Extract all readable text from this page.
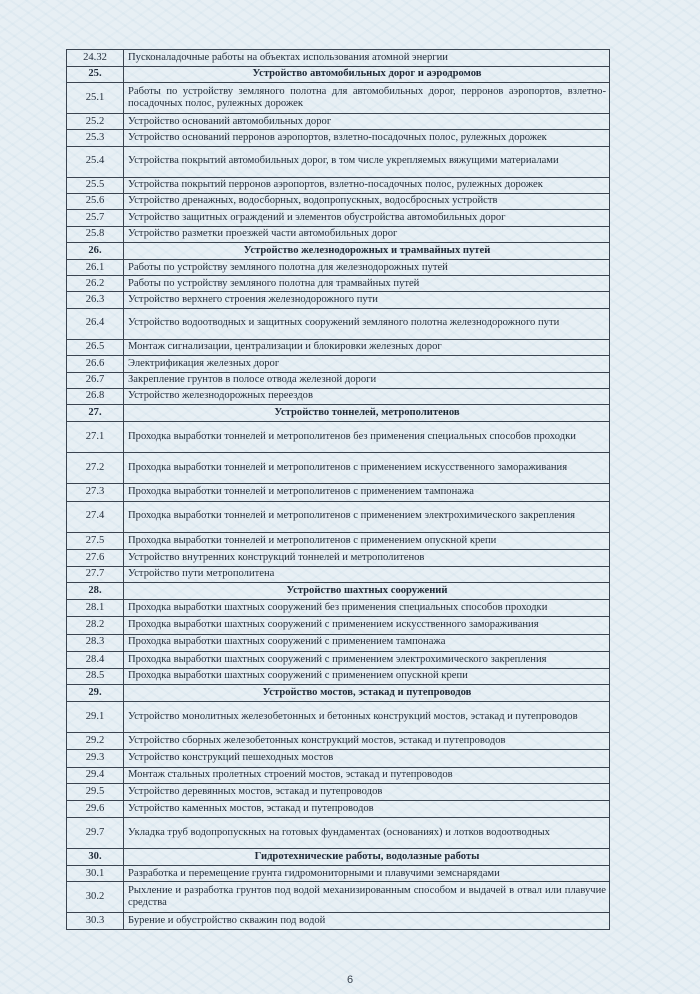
24.32	Пусконаладочные работы на объектах использования атомной энергии
25.	Устройство автомобильных дорог и аэродромов
25.1	Работы по устройству земляного полотна для автомобильных дорог, перронов аэропортов, взлетно-посадочных полос, рулежных дорожек
25.2	Устройство оснований автомобильных дорог
25.3	Устройство оснований перронов аэропортов, взлетно-посадочных полос, рулежных дорожек
25.4	Устройства покрытий автомобильных дорог, в том числе укрепляемых вяжущими материалами
25.5	Устройства покрытий перронов аэропортов, взлетно-посадочных полос, рулежных дорожек
25.6	Устройство дренажных, водосборных, водопропускных, водосбросных устройств
25.7	Устройство защитных ограждений и элементов обустройства автомобильных дорог
25.8	Устройство разметки проезжей части автомобильных дорог
26.	Устройство железнодорожных и трамвайных путей
26.1	Работы по устройству земляного полотна для железнодорожных путей
26.2	Работы по устройству земляного полотна для трамвайных путей
26.3	Устройство верхнего строения железнодорожного пути
26.4	Устройство водоотводных и защитных сооружений земляного полотна железнодорожного пути
26.5	Монтаж сигнализации, централизации и блокировки железных дорог
26.6	Электрификация железных дорог
26.7	Закрепление грунтов в полосе отвода железной дороги
26.8	Устройство железнодорожных переездов
27.	Устройство тоннелей, метрополитенов
27.1	Проходка выработки тоннелей и метрополитенов без применения специальных способов проходки
27.2	Проходка выработки тоннелей и метрополитенов с применением искусственного замораживания
27.3	Проходка выработки тоннелей и метрополитенов с применением тампонажа
27.4	Проходка выработки тоннелей и метрополитенов с применением электрохимического закрепления
27.5	Проходка выработки тоннелей и метрополитенов с применением опускной крепи
27.6	Устройство внутренних конструкций тоннелей и метрополитенов
27.7	Устройство пути метрополитена
28.	Устройство шахтных сооружений
28.1	Проходка выработки шахтных сооружений без применения специальных способов проходки
28.2	Проходка выработки шахтных сооружений с применением искусственного замораживания
28.3	Проходка выработки шахтных сооружений с применением тампонажа
28.4	Проходка выработки шахтных сооружений с применением электрохимического закрепления
28.5	Проходка выработки шахтных сооружений с применением опускной крепи
29.	Устройство мостов, эстакад и путепроводов
29.1	Устройство монолитных железобетонных и бетонных конструкций мостов, эстакад и путепроводов
29.2	Устройство сборных железобетонных конструкций мостов, эстакад и путепроводов
29.3	Устройство конструкций пешеходных мостов
29.4	Монтаж стальных пролетных строений мостов, эстакад и путепроводов
29.5	Устройство деревянных мостов, эстакад и путепроводов
29.6	Устройство каменных мостов, эстакад и путепроводов
29.7	Укладка труб водопропускных на готовых фундаментах (основаниях) и лотков водоотводных
30.	Гидротехнические работы, водолазные работы
30.1	Разработка и перемещение грунта гидромониторными и плавучими земснарядами
30.2	Рыхление и разработка грунтов под водой механизированным способом и выдачей в отвал или плавучие средства
30.3	Бурение и обустройство скважин под водой
6
